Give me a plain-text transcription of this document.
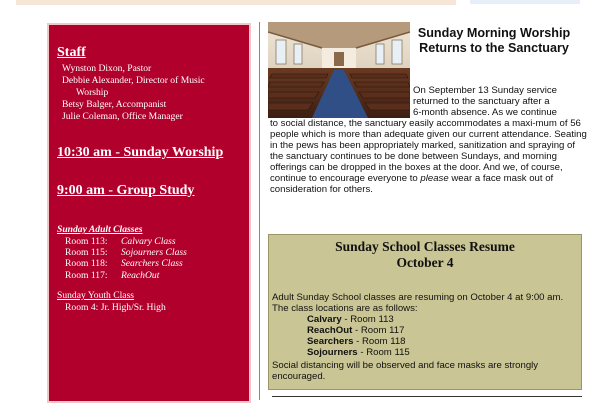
Staff
Wynston Dixon, Pastor
Debbie Alexander, Director of Music
Worship
Betsy Balger, Accompanist
Julie Coleman, Office Manager
10:30 am - Sunday Worship
9:00 am - Group Study
Sunday Adult Classes
Room 113: Calvary Class
Room 115: Sojourners Class
Room 118: Searchers Class
Room 117: ReachOut
Sunday Youth Class
Room 4: Jr. High/Sr. High
Sunday Morning Worship Returns to the Sanctuary
On September 13 Sunday service
returned to the sanctuary after a
6-month absence. As we continue
to social distance, the sanctuary easily accommodates a maxi-mum of 56 people which is more than adequate given our current attendance. Seating in the pews has been appropriately marked, sanitization and spraying of the sanctuary continues to be done between Sundays, and morning offerings can be dropped in the boxes at the door. And we, of course, continue to encourage everyone to please wear a face mask out of consideration for others.
Sunday School Classes Resume
October 4
Adult Sunday School classes are resuming on October 4 at 9:00 am. The class locations are as follows:
Calvary - Room 113
ReachOut - Room 117
Searchers - Room 118
Sojourners - Room 115
Social distancing will be observed and face masks are strongly encouraged.
